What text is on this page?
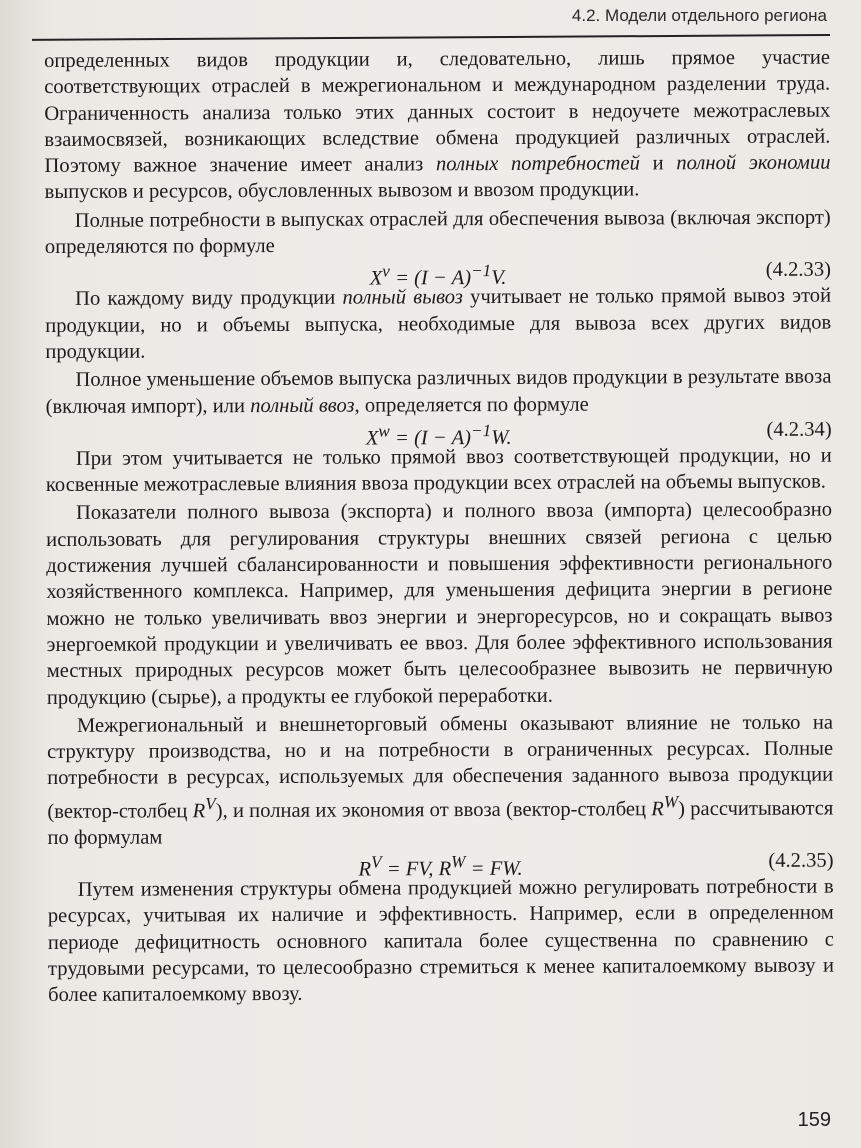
4.2. Модели отдельного региона

определенных видов продукции и, следовательно, лишь прямое участие соответствующих отраслей в межрегиональном и международном разделении труда. Ограниченность анализа только этих данных состоит в недоучете межотраслевых взаимосвязей, возникающих вследствие обмена продукцией различных отраслей. Поэтому важное значение имеет анализ полных потребностей и полной экономии выпусков и ресурсов, обусловленных вывозом и ввозом продукции.

Полные потребности в выпусках отраслей для обеспечения вывоза (включая экспорт) определяются по формуле

$X^v = (I - A)^{-1}V$.	(4.2.33)

По каждому виду продукции полный вывоз учитывает не только прямой вывоз этой продукции, но и объемы выпуска, необходимые для вывоза всех других видов продукции.

Полное уменьшение объемов выпуска различных видов продукции в результате ввоза (включая импорт), или полный ввоз, определяется по формуле

$X^w = (I - A)^{-1}W$.	(4.2.34)

При этом учитывается не только прямой ввоз соответствующей продукции, но и косвенные межотраслевые влияния ввоза продукции всех отраслей на объемы выпусков.

Показатели полного вывоза (экспорта) и полного ввоза (импорта) целесообразно использовать для регулирования структуры внешних связей региона с целью достижения лучшей сбалансированности и повышения эффективности регионального хозяйственного комплекса. Например, для уменьшения дефицита энергии в регионе можно не только увеличивать ввоз энергии и энергоресурсов, но и сокращать вывоз энергоемкой продукции и увеличивать ее ввоз. Для более эффективного использования местных природных ресурсов может быть целесообразнее вывозить не первичную продукцию (сырье), а продукты ее глубокой переработки.

Межрегиональный и внешнеторговый обмены оказывают влияние не только на структуру производства, но и на потребности в ограниченных ресурсах. Полные потребности в ресурсах, используемых для обеспечения заданного вывоза продукции (вектор-столбец $R^V$), и полная их экономия от ввоза (вектор-столбец $R^W$) рассчитываются по формулам

$R^V$ = FV, $R^W$ = FW.	(4.2.35)

Путем изменения структуры обмена продукцией можно регулировать потребности в ресурсах, учитывая их наличие и эффективность. Например, если в определенном периоде дефицитность основного капитала более существенна по сравнению с трудовыми ресурсами, то целесообразно стремиться к менее капиталоемкому вывозу и более капиталоемкому ввозу.

159
